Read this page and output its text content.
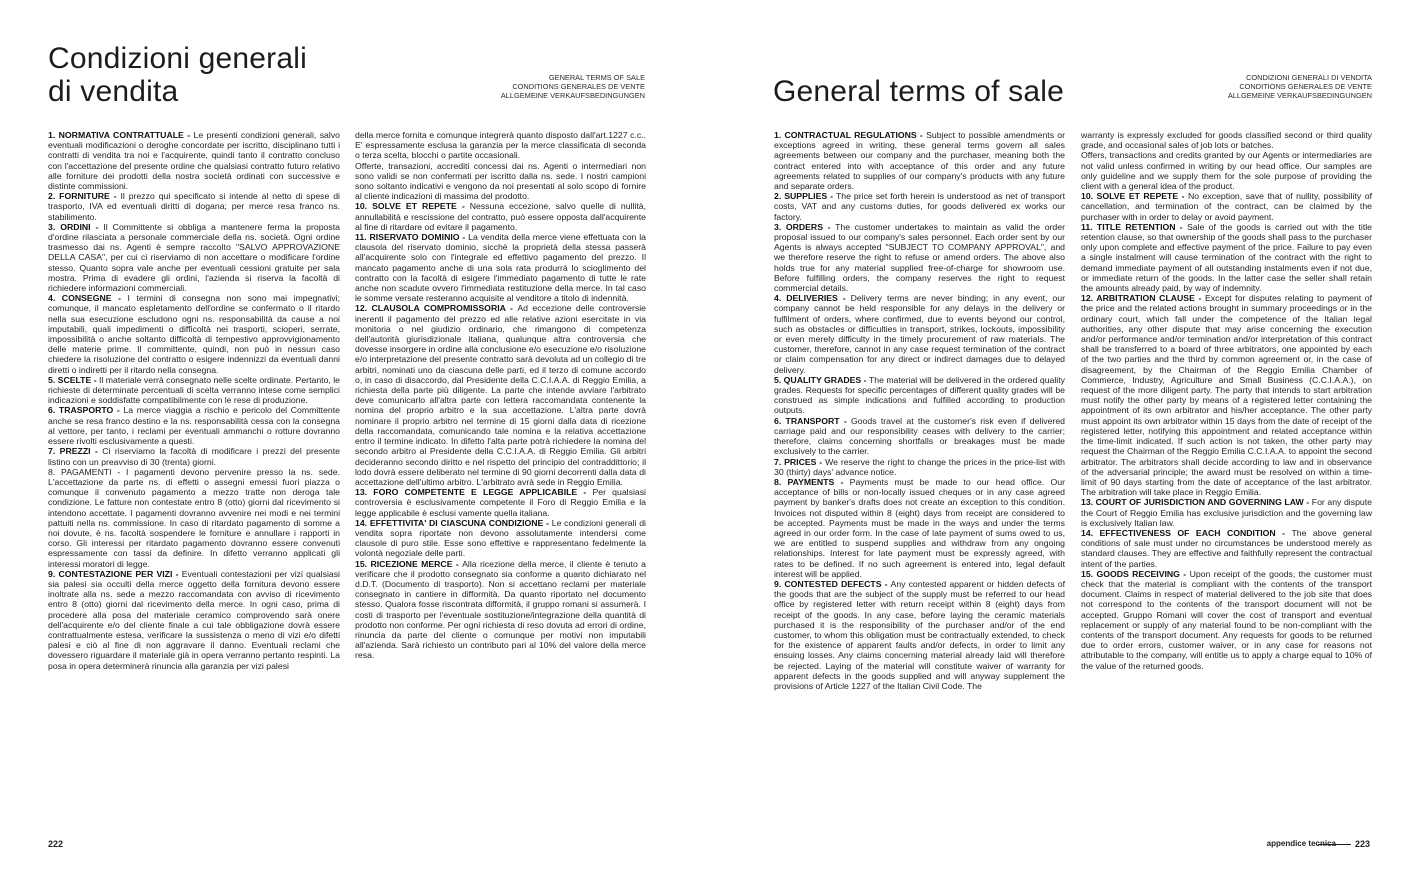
Condizioni generali
di vendita	GENERAL TERMS OF SALE
CONDITIONS GENERALES DE VENTE
ALLGEMEINE VERKAUFSBEDINGUNGEN

1. NORMATIVA CONTRATTUALE - Le presenti condizioni generali, salvo eventuali modificazioni o deroghe concordate per iscritto, disciplinano tutti i contratti di vendita tra noi e l'acquirente, quindi tanto il contratto concluso con l'accettazione del presente ordine che qualsiasi contratto futuro relativo alle forniture dei prodotti della nostra società ordinati con successive e distinte commissioni.

2. FORNITURE - Il prezzo qui specificato si intende al netto di spese di trasporto, IVA ed eventuali diritti di dogana; per merce resa franco ns. stabilimento.

3. ORDINI - Il Committente si obbliga a mantenere ferma la proposta d'ordine rilasciata a personale commerciale della ns. società. Ogni ordine trasmesso dai ns. Agenti è sempre raccolto "SALVO APPROVAZIONE DELLA CASA", per cui ci riserviamo di non accettare o modificare l'ordine stesso. Quanto sopra vale anche per eventuali cessioni gratuite per sala mostra. Prima di evadere gli ordini, l'azienda si riserva la facoltà di richiedere informazioni commerciali.

4. CONSEGNE - I termini di consegna non sono mai impegnativi; comunque, il mancato espletamento dell'ordine se confermato o il ritardo nella sua esecuzione escludono ogni ns. responsabilità da cause a noi imputabili, quali impedimenti o difficoltà nei trasporti, scioperi, serrate, impossibilità o anche soltanto difficoltà di tempestivo approvvigionamento delle materie prime. Il committente, quindi, non può in nessun caso chiedere la risoluzione del contratto o esigere indennizzi da eventuali danni diretti o indiretti per il ritardo nella consegna.

5. SCELTE - Il materiale verrà consegnato nelle scelte ordinate. Pertanto, le richieste di determinate percentuali di scelta verranno intese come semplici indicazioni e soddisfatte compatibilmente con le rese di produzione.

6. TRASPORTO - La merce viaggia a rischio e pericolo del Committente anche se resa franco destino e la ns. responsabilità cessa con la consegna al vettore, per tanto, i reclami per eventuali ammanchi o rotture dovranno essere rivolti esclusivamente a questi.

7. PREZZI - Ci riserviamo la facoltà di modificare i prezzi del presente listino con un preavviso di 30 (trenta) giorni.

8. PAGAMENTI - I pagamenti devono pervenire presso la ns. sede. L'accettazione da parte ns. di effetti o assegni emessi fuori piazza o comunque il convenuto pagamento a mezzo tratte non deroga tale condizione. Le fatture non contestate entro 8 (otto) giorni dal ricevimento si intendono accettate. I pagamenti dovranno avvenire nei modi e nei termini pattuiti nella ns. commissione. In caso di ritardato pagamento di somme a noi dovute, è ns. facoltà sospendere le forniture e annullare i rapporti in corso. Gli interessi per ritardato pagamento dovranno essere convenuti espressamente con tassi da definire. In difetto verranno applicati gli interessi moratori di legge.

9. CONTESTAZIONE PER VIZI - Eventuali contestazioni per vizi qualsiasi sia palesi sia occulti della merce oggetto della fornitura devono essere inoltrate alla ns. sede a mezzo raccomandata con avviso di ricevimento entro 8 (otto) giorni dal ricevimento della merce. In ogni caso, prima di procedere alla posa del materiale ceramico comprovendo sarà onere dell'acquirente e/o del cliente finale a cui tale obbligazione dovrà essere contrattualmente estesa, verificare la sussistenza o meno di vizi e/o difetti palesi e ciò al fine di non aggravare il danno. Eventuali reclami che dovessero riguardare il materiale già in opera verranno pertanto respinti. La posa in opera determinerà rinuncia alla garanzia per vizi palesi

della merce fornita e comunque integrerà quanto disposto dall'art.1227 c.c.. E' espressamente esclusa la garanzia per la merce classificata di seconda o terza scelta, blocchi o partite occasionali.

Offerte, transazioni, accrediti concessi dai ns. Agenti o intermediari non sono validi se non confermati per iscritto dalla ns. sede. I nostri campioni sono soltanto indicativi e vengono da noi presentati al solo scopo di fornire al cliente indicazioni di massima del prodotto.

10. SOLVE ET REPETE - Nessuna eccezione, salvo quelle di nullità, annullabilità e rescissione del contratto, può essere opposta dall'acquirente al fine di ritardare od evitare il pagamento.

11. RISERVATO DOMINIO - La vendita della merce viene effettuata con la clausola del riservato dominio, sicchè la proprietà della stessa passerà all'acquirente solo con l'integrale ed effettivo pagamento del prezzo. Il mancato pagamento anche di una sola rata produrrà lo scioglimento del contratto con la facoltà di esigere l'immediato pagamento di tutte le rate anche non scadute ovvero l'immediata restituzione della merce. In tal caso le somme versate resteranno acquisite al venditore a titolo di indennità.

12. CLAUSOLA COMPROMISSORIA - Ad eccezione delle controversie inerenti il pagamento del prezzo ed alle relative azioni esercitate in via monitoria o nel giudizio ordinario, che rimangono di competenza dell'autorità giurisdizionale italiana, qualunque altra controversia che dovesse insorgere in ordine alla conclusione e/o esecuzione e/o risoluzione e/o interpretazione del presente contratto sarà devoluta ad un collegio di tre arbitri, nominati uno da ciascuna delle parti, ed il terzo di comune accordo o, in caso di disaccordo, dal Presidente della C.C.I.A.A. di Reggio Emilia, a richiesta della parte più diligente. La parte che intende avviare l'arbitrato deve comunicarlo all'altra parte con lettera raccomandata contenente la nomina del proprio arbitro e la sua accettazione. L'altra parte dovrà nominare il proprio arbitro nel termine di 15 giorni dalla data di ricezione della raccomandata, comunicando tale nomina e la relativa accettazione entro il termine indicato. In difetto l'alta parte potrà richiedere la nomina del secondo arbitro al Presidente della C.C.I.A.A. di Reggio Emilia. Gli arbitri decideranno secondo diritto e nel rispetto del principio del contraddittorio; il lodo dovrà essere deliberato nel termine di 90 giorni decorrenti dalla data di accettazione dell'ultimo arbitro. L'arbitrato avrà sede in Reggio Emilia.

13. FORO COMPETENTE E LEGGE APPLICABILE - Per qualsiasi controversia è esclusivamente competente il Foro di Reggio Emilia e la legge applicabile è esclusi vamente quella italiana.

14. EFFETTIVITA' DI CIASCUNA CONDIZIONE - Le condizioni generali di vendita sopra riportate non devono assolutamente intendersi come clausole di puro stile. Esse sono effettive e rappresentano fedelmente la volontà negoziale delle parti.

15. RICEZIONE MERCE - Alla ricezione della merce, il cliente è tenuto a verificare che il prodotto consegnato sia conforme a quanto dichiarato nel d.D.T. (Documento di trasporto). Non si accettano reclami per materiale consegnato in cantiere in difformità. Da quanto riportato nel documento stesso. Qualora fosse riscontrata difformità, il gruppo romani si assumerà. I costi di trasporto per l'eventuale sostituzione/integrazione della quantità di prodotto non conforme. Per ogni richiesta di reso dovuta ad errori di ordine, rinuncia da parte del cliente o comunque per motivi non imputabili all'azienda. Sarà richiesto un contributo pari al 10% del valore della merce resa.

222
General terms of sale	CONDIZIONI GENERALI DI VENDITA
CONDITIONS GENERALES DE VENTE
ALLGEMEINE VERKAUFSBEDINGUNGEN

1. CONTRACTUAL REGULATIONS - Subject to possible amendments or exceptions agreed in writing, these general terms govern all sales agreements between our company and the purchaser, meaning both the contract entered into with acceptance of this order and any future agreements related to supplies of our company's products with any future and separate orders.

2. SUPPLIES - The price set forth herein is understood as net of transport costs, VAT and any customs duties, for goods delivered ex works our factory.

3. ORDERS - The customer undertakes to maintain as valid the order proposal issued to our company's sales personnel. Each order sent by our Agents is always accepted "SUBJECT TO COMPANY APPROVAL", and we therefore reserve the right to refuse or amend orders. The above also holds true for any material supplied free-of-charge for showroom use. Before fulfilling orders, the company reserves the right to request commercial details.

4. DELIVERIES - Delivery terms are never binding; in any event, our company cannot be held responsible for any delays in the delivery or fulfilment of orders, where confirmed, due to events beyond our control, such as obstacles or difficulties in transport, strikes, lockouts, impossibility or even merely difficulty in the timely procurement of raw materials. The customer, therefore, cannot in any case request termination of the contract or claim compensation for any direct or indirect damages due to delayed delivery.

5. QUALITY GRADES - The material will be delivered in the ordered quality grades. Requests for specific percentages of different quality grades will be construed as simple indications and fulfilled according to production outputs.

6. TRANSPORT - Goods travel at the customer's risk even if delivered carriage paid and our responsibility ceases with delivery to the carrier; therefore, claims concerning shortfalls or breakages must be made exclusively to the carrier.

7. PRICES - We reserve the right to change the prices in the price-list with 30 (thirty) days' advance notice.

8. PAYMENTS - Payments must be made to our head office. Our acceptance of bills or non-locally issued cheques or in any case agreed payment by banker's drafts does not create an exception to this condition. Invoices not disputed within 8 (eight) days from receipt are considered to be accepted. Payments must be made in the ways and under the terms agreed in our order form. In the case of late payment of sums owed to us, we are entitled to suspend supplies and withdraw from any ongoing relationships. Interest for late payment must be expressly agreed, with rates to be defined. If no such agreement is entered into, legal default interest will be applied.

9. CONTESTED DEFECTS - Any contested apparent or hidden defects of the goods that are the subject of the supply must be referred to our head office by registered letter with return receipt within 8 (eight) days from receipt of the goods. In any case, before laying the ceramic materials purchased it is the responsibility of the purchaser and/or of the end customer, to whom this obligation must be contractually extended, to check for the existence of apparent faults and/or defects, in order to limit any ensuing losses. Any claims concerning material already laid will therefore be rejected. Laying of the material will constitute waiver of warranty for apparent defects in the goods supplied and will anyway supplement the provisions of Article 1227 of the Italian Civil Code. The

warranty is expressly excluded for goods classified second or third quality grade, and occasional sales of job lots or batches.

Offers, transactions and credits granted by our Agents or intermediaries are not valid unless confirmed in writing by our head office. Our samples are only guideline and we supply them for the sole purpose of providing the client with a general idea of the product.

10. SOLVE ET REPETE - No exception, save that of nullity, possibility of cancellation, and termination of the contract, can be claimed by the purchaser with in order to delay or avoid payment.

11. TITLE RETENTION - Sale of the goods is carried out with the title retention clause, so that ownership of the goods shall pass to the purchaser only upon complete and effective payment of the price. Failure to pay even a single instalment will cause termination of the contract with the right to demand immediate payment of all outstanding instalments even if not due, or immediate return of the goods. In the latter case the seller shall retain the amounts already paid, by way of indemnity.

12. ARBITRATION CLAUSE - Except for disputes relating to payment of the price and the related actions brought in summary proceedings or in the ordinary court, which fall under the competence of the Italian legal authorities, any other dispute that may arise concerning the execution and/or performance and/or termination and/or interpretation of this contract shall be transferred to a board of three arbitrators, one appointed by each of the two parties and the third by common agreement or, in the case of disagreement, by the Chairman of the Reggio Emilia Chamber of Commerce, Industry, Agriculture and Small Business (C.C.I.A.A.), on request of the more diligent party. The party that intends to start arbitration must notify the other party by means of a registered letter containing the appointment of its own arbitrator and his/her acceptance. The other party must appoint its own arbitrator within 15 days from the date of receipt of the registered letter, notifying this appointment and related acceptance within the time-limit indicated. If such action is not taken, the other party may request the Chairman of the Reggio Emilia C.C.I.A.A. to appoint the second arbitrator. The arbitrators shall decide according to law and in observance of the adversarial principle; the award must be resolved on within a time-limit of 90 days starting from the date of acceptance of the last arbitrator. The arbitration will take place in Reggio Emilia.

13. COURT OF JURISDICTION AND GOVERNING LAW - For any dispute the Court of Reggio Emilia has exclusive jurisdiction and the governing law is exclusively Italian law.

14. EFFECTIVENESS OF EACH CONDITION - The above general conditions of sale must under no circumstances be understood merely as standard clauses. They are effective and faithfully represent the contractual intent of the parties.

15. GOODS RECEIVING - Upon receipt of the goods, the customer must check that the material is compliant with the contents of the transport document. Claims in respect of material delivered to the job site that does not correspond to the contents of the transport document will not be accepted. Gruppo Romani will cover the cost of transport and eventual replacement or supply of any material found to be non-compliant with the contents of the transport document. Any requests for goods to be returned due to order errors, customer waiver, or in any case for reasons not attributable to the company, will entitle us to apply a charge equal to 10% of the value of the returned goods.

appendice tecnica 223
